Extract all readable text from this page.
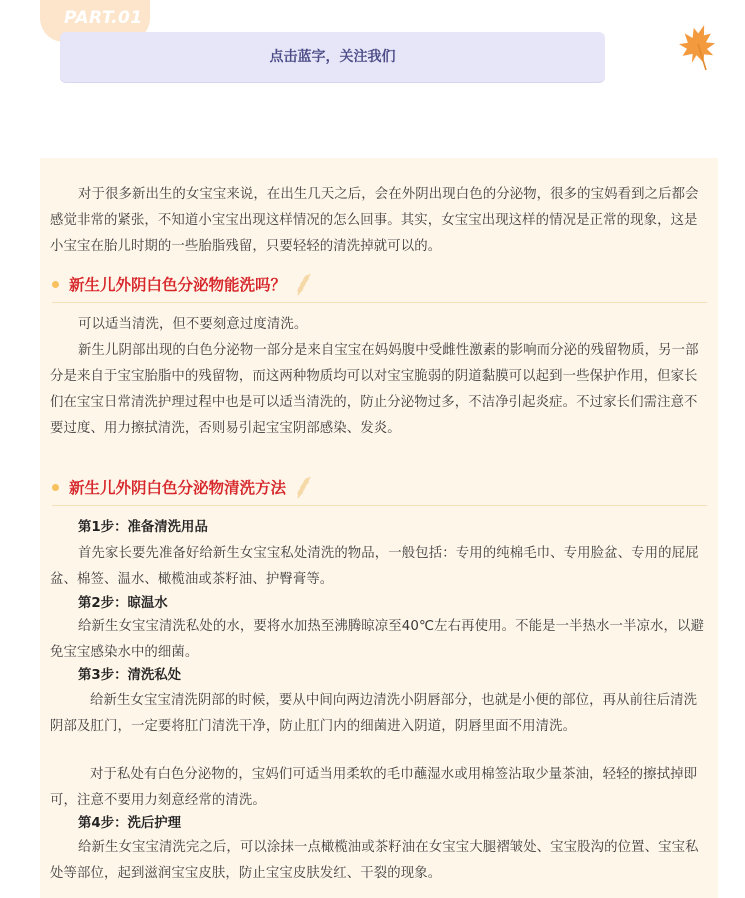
PART.01
点击蓝字，关注我们

对于很多新出生的女宝宝来说，在出生几天之后，会在外阴出现白色的分泌物，很多的宝妈看到之后都会感觉非常的紧张，不知道小宝宝出现这样情况的怎么回事。其实，女宝宝出现这样的情况是正常的现象，这是小宝宝在胎儿时期的一些胎脂残留，只要轻轻的清洗掉就可以的。

新生儿外阴白色分泌物能洗吗？

可以适当清洗，但不要刻意过度清洗。

新生儿阴部出现的白色分泌物一部分是来自宝宝在妈妈腹中受雌性激素的影响而分泌的残留物质，另一部分是来自于宝宝胎脂中的残留物，而这两种物质均可以对宝宝脆弱的阴道黏膜可以起到一些保护作用，但家长们在宝宝日常清洗护理过程中也是可以适当清洗的，防止分泌物过多，不洁净引起炎症。不过家长们需注意不要过度、用力擦拭清洗，否则易引起宝宝阴部感染、发炎。

新生儿外阴白色分泌物清洗方法
第1步：准备清洗用品

首先家长要先准备好给新生女宝宝私处清洗的物品，一般包括：专用的纯棉毛巾、专用脸盆、专用的屁屁盆、棉签、温水、橄榄油或茶籽油、护臀膏等。

第2步：晾温水

给新生女宝宝清洗私处的水，要将水加热至沸腾晾凉至40℃左右再使用。不能是一半热水一半凉水，以避免宝宝感染水中的细菌。

第3步：清洗私处

给新生女宝宝清洗阴部的时候，要从中间向两边清洗小阴唇部分，也就是小便的部位，再从前往后清洗阴部及肛门，一定要将肛门清洗干净，防止肛门内的细菌进入阴道，阴唇里面不用清洗。

对于私处有白色分泌物的，宝妈们可适当用柔软的毛巾蘸湿水或用棉签沾取少量茶油，轻轻的擦拭掉即可，注意不要用力刻意经常的清洗。

第4步：洗后护理

给新生女宝宝清洗完之后，可以涂抹一点橄榄油或茶籽油在女宝宝大腿褶皱处、宝宝股沟的位置、宝宝私处等部位，起到滋润宝宝皮肤，防止宝宝皮肤发红、干裂的现象。
